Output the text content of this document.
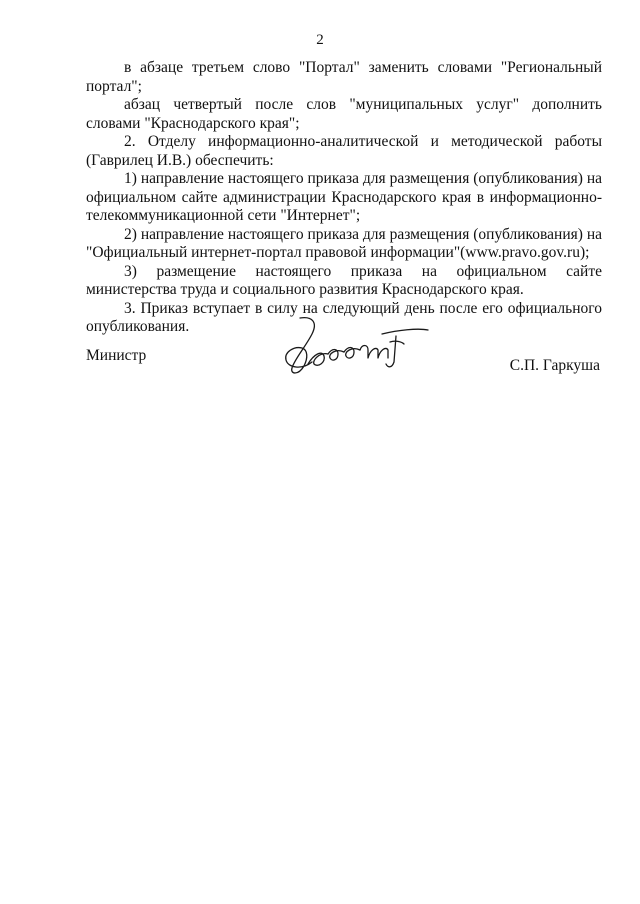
2

в абзаце третьем слово "Портал" заменить словами "Региональный портал";

абзац четвертый после слов "муниципальных услуг" дополнить словами "Краснодарского края";

2. Отделу информационно-аналитической и методической работы (Гаврилец И.В.) обеспечить:

1) направление настоящего приказа для размещения (опубликования) на официальном сайте администрации Краснодарского края в информационно-телекоммуникационной сети "Интернет";

2) направление настоящего приказа для размещения (опубликования) на "Официальный интернет-портал правовой информации"(www.pravo.gov.ru);

3) размещение настоящего приказа на официальном сайте министерства труда и социального развития Краснодарского края.

3. Приказ вступает в силу на следующий день после его официального опубликования.

Министр
С.П. Гаркуша
